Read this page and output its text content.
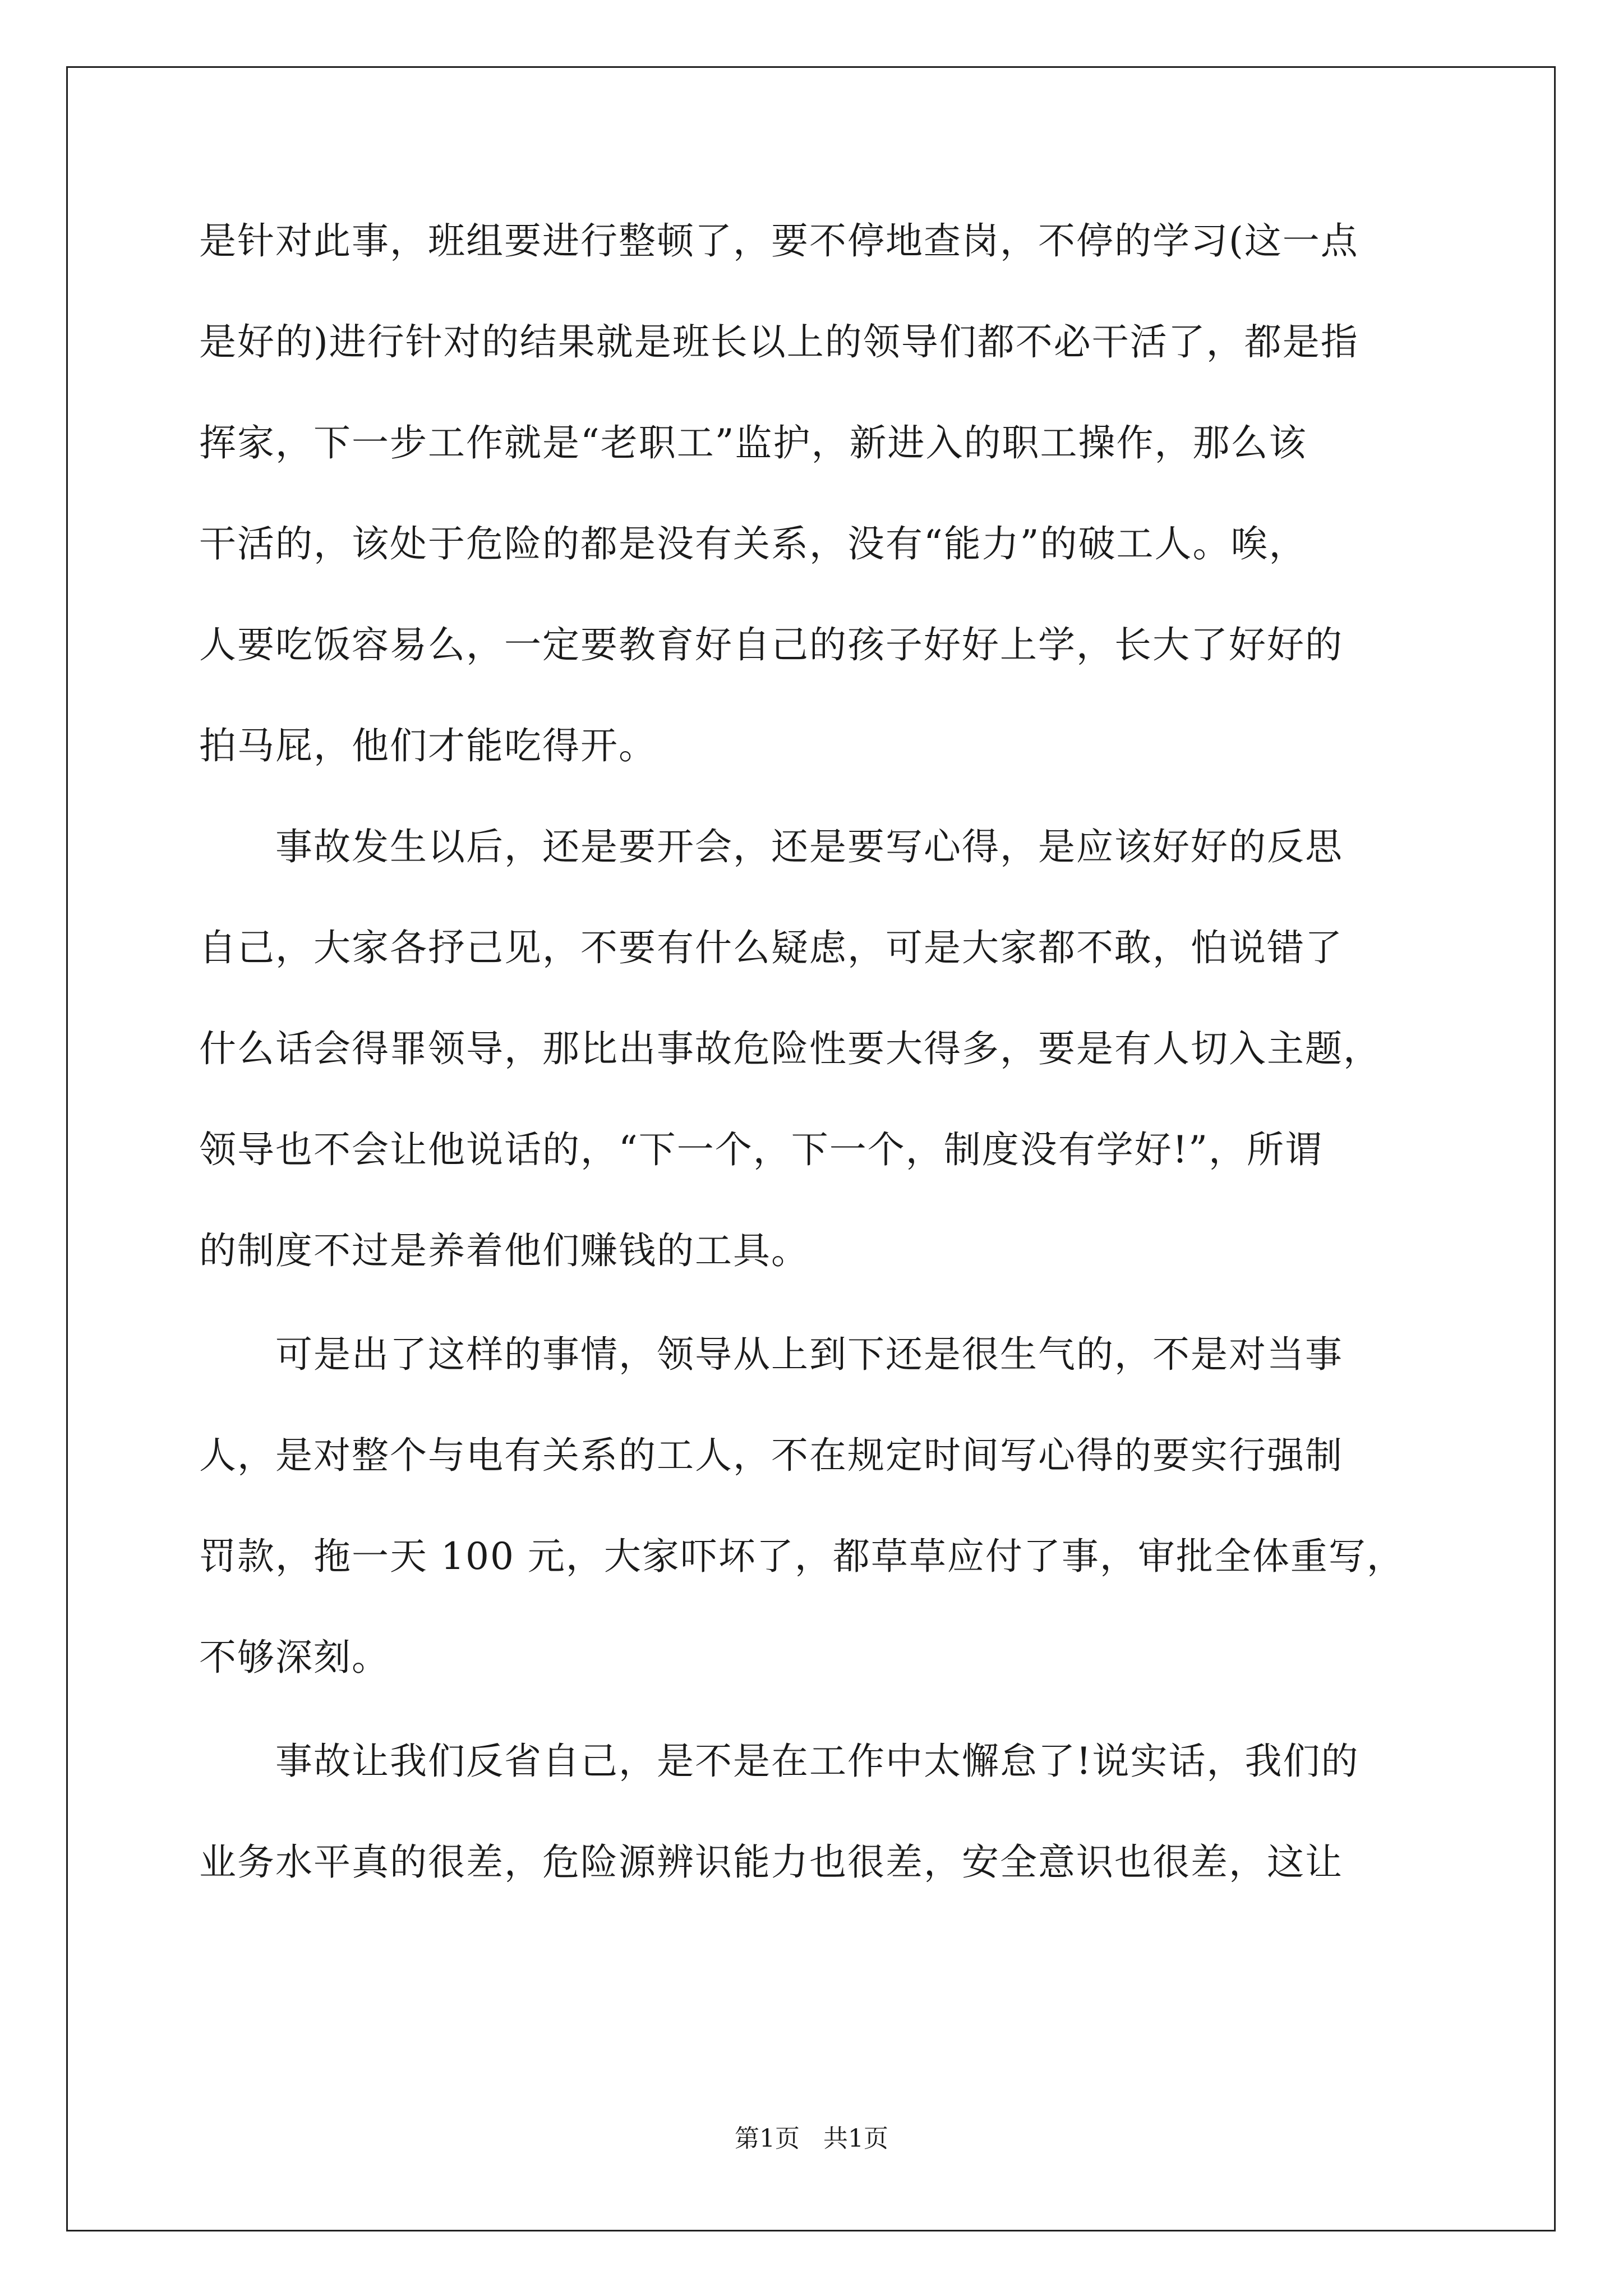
是针对此事，班组要进行整顿了，要不停地查岗，不停的学习(这一点
是好的)进行针对的结果就是班长以上的领导们都不必干活了，都是指
挥家，下一步工作就是“老职工”监护，新进入的职工操作，那么该
干活的，该处于危险的都是没有关系，没有“能力”的破工人。唉，
人要吃饭容易么，一定要教育好自己的孩子好好上学，长大了好好的
拍马屁，他们才能吃得开。
　　事故发生以后，还是要开会，还是要写心得，是应该好好的反思
自己，大家各抒己见，不要有什么疑虑，可是大家都不敢，怕说错了
什么话会得罪领导，那比出事故危险性要大得多，要是有人切入主题，
领导也不会让他说话的，“下一个，下一个，制度没有学好!”，所谓
的制度不过是养着他们赚钱的工具。
　　可是出了这样的事情，领导从上到下还是很生气的，不是对当事
人，是对整个与电有关系的工人，不在规定时间写心得的要实行强制
罚款，拖一天 100 元，大家吓坏了，都草草应付了事，审批全体重写，
不够深刻。
　　事故让我们反省自己，是不是在工作中太懈怠了!说实话，我们的
业务水平真的很差，危险源辨识能力也很差，安全意识也很差，这让
第1页 共1页
